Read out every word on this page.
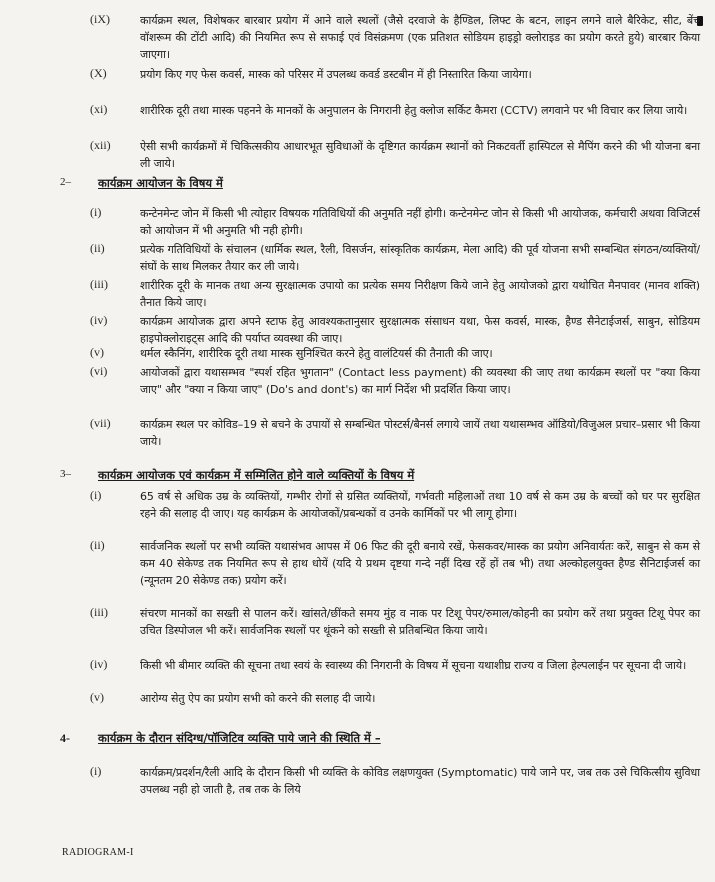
(iX)	कार्यक्रम स्थल, विशेषकर बारबार प्रयोग में आने वाले स्थलों (जैसे दरवाजे के हैण्डिल, लिफ्ट के बटन, लाइन लगने वाले बैरिकेट, सीट, बेंच वॉशरूम की टोंटी आदि) की नियमित रूप से सफाई एवं विसंक्रमण (एक प्रतिशत सोडियम हाइड्रो क्लोराइड का प्रयोग करते हुये) बारबार किया जाएगा।
(X)	प्रयोग किए गए फेस कवर्स, मास्क को परिसर में उपलब्ध कवर्ड डस्टबीन में ही निस्तारित किया जायेगा।
(xi)	शारीरिक दूरी तथा मास्क पहनने के मानकों के अनुपालन के निगरानी हेतु क्लोज सर्किट कैमरा (CCTV) लगवाने पर भी विचार कर लिया जाये।
(xii)	ऐसी सभी कार्यक्रमों में चिकित्सकीय आधारभूत सुविधाओं के दृष्टिगत कार्यक्रम स्थानों को निकटवर्ती हास्पिटल से मैपिंग करने की भी योजना बना ली जाये।
2– कार्यक्रम आयोजन के विषय में
(i)	कन्टेनमेन्ट जोन में किसी भी त्योहार विषयक गतिविधियों की अनुमति नहीं होगी। कन्टेनमेन्ट जोन से किसी भी आयोजक, कर्मचारी अथवा विजिटर्स को आयोजन में भी अनुमति भी नही होगी।
(ii)	प्रत्येक गतिविधियों के संचालन (धार्मिक स्थल, रैली, विसर्जन, सांस्कृतिक कार्यक्रम, मेला आदि) की पूर्व योजना सभी सम्बन्धित संगठन/व्यक्तियों/संघों के साथ मिलकर तैयार कर ली जाये।
(iii)	शारीरिक दूरी के मानक तथा अन्य सुरक्षात्मक उपायो का प्रत्येक समय निरीक्षण किये जाने हेतु आयोजको द्वारा यथोचित मैनपावर (मानव शक्ति) तैनात किये जाए।
(iv)	कार्यक्रम आयोजक द्वारा अपने स्टाफ हेतु आवश्यकतानुसार सुरक्षात्मक संसाधन यथा, फेस कवर्स, मास्क, हैण्ड सैनेटाईजर्स, साबुन, सोडियम हाइपोक्लोराइट्स आदि की पर्याप्त व्यवस्था की जाए।
(v)	थर्मल स्कैनिंग, शारीरिक दूरी तथा मास्क सुनिश्चित करने हेतु वालंटियर्स की तैनाती की जाए।
(vi)	आयोजकों द्वारा यथासम्भव "स्पर्श रहित भुगतान" (Contact less payment) की व्यवस्था की जाए तथा कार्यक्रम स्थलों पर "क्या किया जाए" और "क्या न किया जाए" (Do's and dont's) का मार्ग निर्देश भी प्रदर्शित किया जाए।
(vii)	कार्यक्रम स्थल पर कोविड–19 से बचने के उपायों से सम्बन्धित पोस्टर्स/बैनर्स लगाये जायें तथा यथासम्भव ऑडियो/विजुअल प्रचार–प्रसार भी किया जाये।
3– कार्यक्रम आयोजक एवं कार्यक्रम में सम्मिलित होने वाले व्यक्तियों के विषय में
(i)	65 वर्ष से अधिक उम्र के व्यक्तियों, गम्भीर रोगों से ग्रसित व्यक्तियों, गर्भवती महिलाओं तथा 10 वर्ष से कम उम्र के बच्चों को घर पर सुरक्षित रहने की सलाह दी जाए। यह कार्यक्रम के आयोजकों/प्रबन्धकों व उनके कार्मिकों पर भी लागू होगा।
(ii)	सार्वजनिक स्थलों पर सभी व्यक्ति यथासंभव आपस में 06 फिट की दूरी बनाये रखें, फेसकवर/मास्क का प्रयोग अनिवार्यतः करें, साबुन से कम से कम 40 सेकेण्ड तक नियमित रूप से हाथ धोयें (यदि ये प्रथम दृष्टया गन्दे नहीं दिख रहें हों तब भी) तथा अल्कोहलयुक्त हैण्ड सैनिटाईजर्स का (न्यूनतम 20 सेकेण्ड तक) प्रयोग करें।
(iii)	संचरण मानकों का सख्ती से पालन करें। खांसते/छींकते समय मुंह व नाक पर टिशू पेपर/रुमाल/कोहनी का प्रयोग करें तथा प्रयुक्त टिशू पेपर का उचित डिस्पोजल भी करें। सार्वजनिक स्थलों पर थूंकने को सख्ती से प्रतिबन्धित किया जाये।
(iv)	किसी भी बीमार व्यक्ति की सूचना तथा स्वयं के स्वास्थ्य की निगरानी के विषय में सूचना यथाशीघ्र राज्य व जिला हेल्पलाईन पर सूचना दी जाये।
(v)	आरोग्य सेतु ऐप का प्रयोग सभी को करने की सलाह दी जाये।
4- कार्यक्रम के दौरान संदिग्ध/पॉजिटिव व्यक्ति पाये जाने की स्थिति में –
(i)	कार्यक्रम/प्रदर्शन/रैली आदि के दौरान किसी भी व्यक्ति के कोविड लक्षणयुक्त (Symptomatic) पाये जाने पर, जब तक उसे चिकित्सीय सुविधा उपलब्ध नही हो जाती है, तब तक के लिये
RADIOGRAM-I
